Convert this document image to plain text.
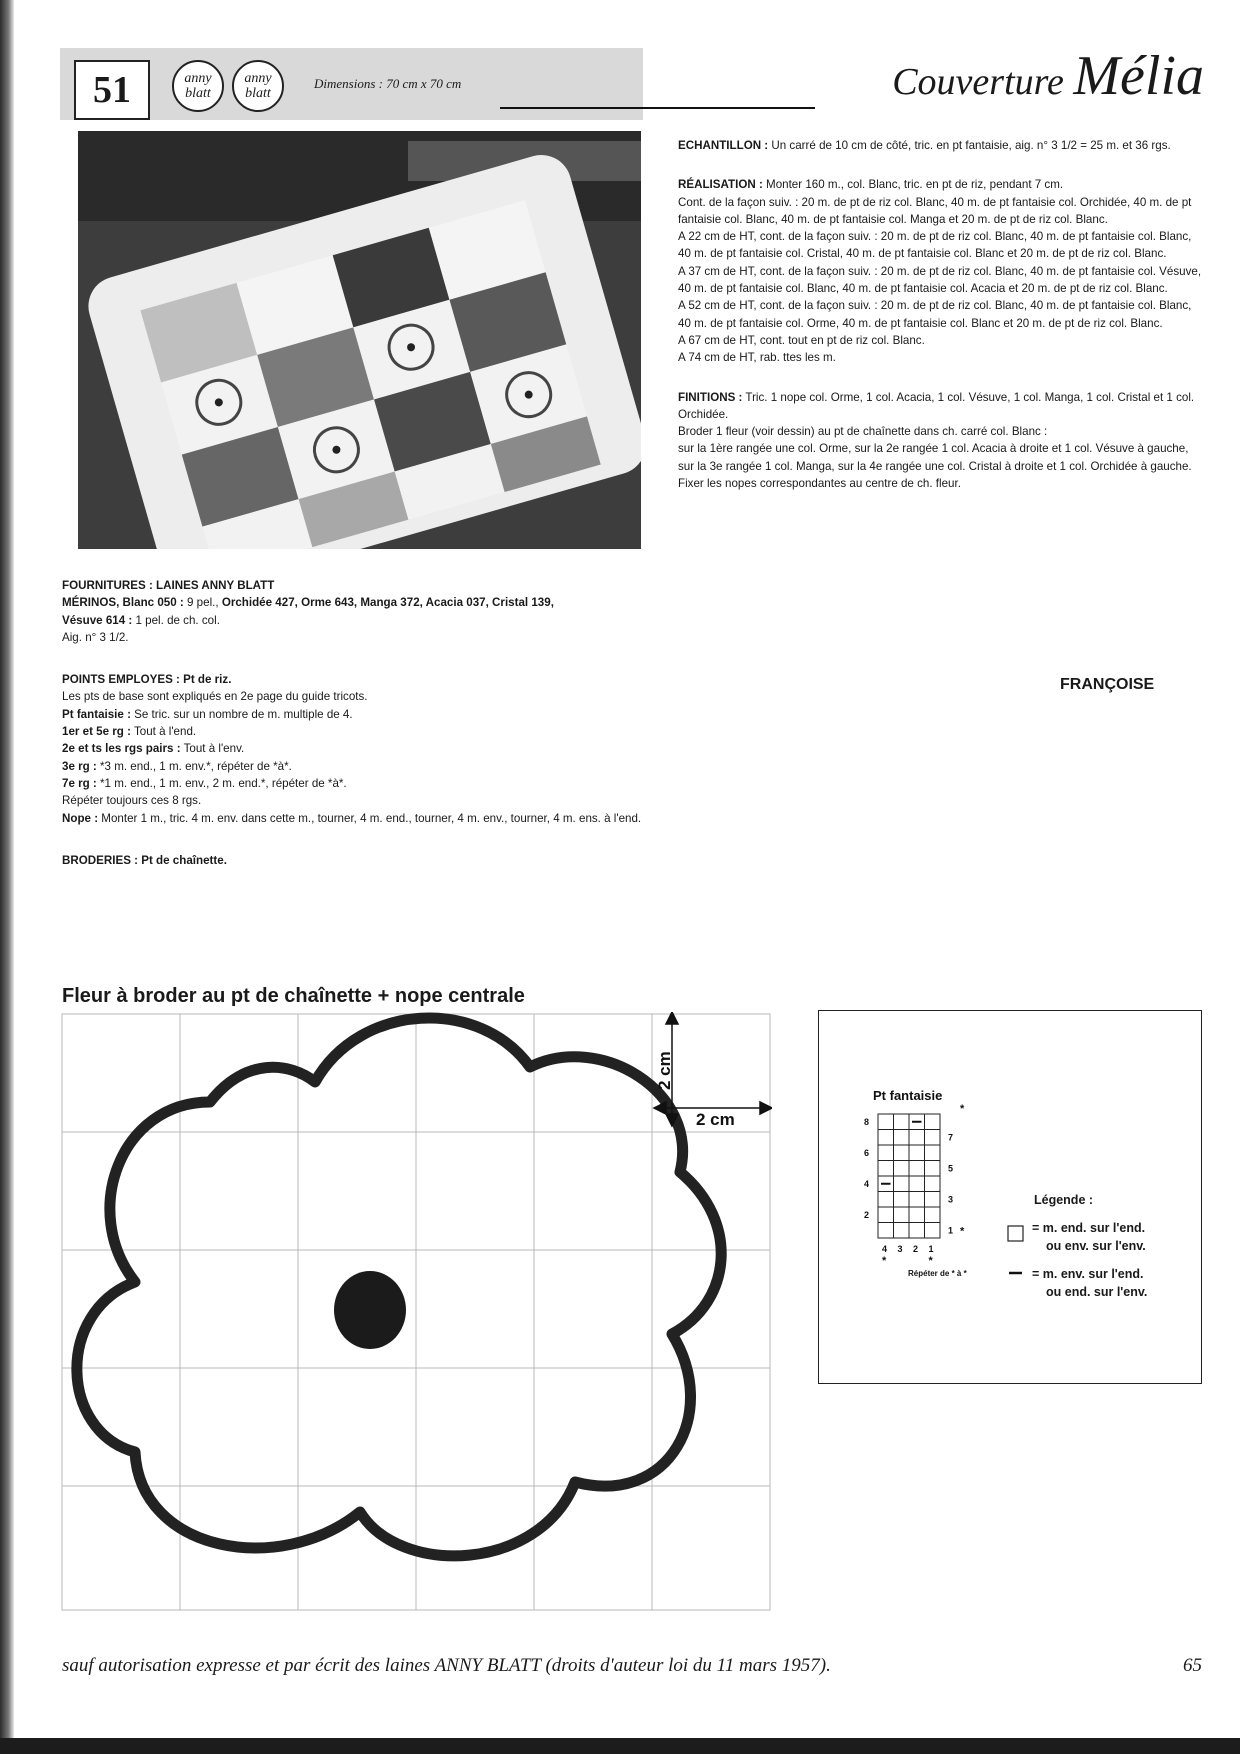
51	anny
blatt
anny
blatt
Dimensions : 70 cm x 70 cm	Couverture Mélia

FOURNITURES : LAINES ANNY BLATT

MÉRINOS, Blanc 050 : 9 pel., Orchidée 427, Orme 643, Manga 372, Acacia 037, Cristal 139,

Vésuve 614 : 1 pel. de ch. col.

Aig. n° 3 1/2.

POINTS EMPLOYES : Pt de riz.

Les pts de base sont expliqués en 2e page du guide tricots.

Pt fantaisie : Se tric. sur un nombre de m. multiple de 4.

1er et 5e rg : Tout à l'end.

2e et ts les rgs pairs : Tout à l'env.

3e rg : *3 m. end., 1 m. env.*, répéter de *à*.

7e rg : *1 m. end., 1 m. env., 2 m. end.*, répéter de *à*.

Répéter toujours ces 8 rgs.

Nope : Monter 1 m., tric. 4 m. env. dans cette m., tourner, 4 m. end., tourner, 4 m. env., tourner, 4 m. ens. à l'end.

BRODERIES : Pt de chaînette.

ECHANTILLON : Un carré de 10 cm de côté, tric. en pt fantaisie, aig. n° 3 1/2 = 25 m. et 36 rgs.

RÉALISATION : Monter 160 m., col. Blanc, tric. en pt de riz, pendant 7 cm.

Cont. de la façon suiv. : 20 m. de pt de riz col. Blanc, 40 m. de pt fantaisie col. Orchidée, 40 m. de pt fantaisie col. Blanc, 40 m. de pt fantaisie col. Manga et 20 m. de pt de riz col. Blanc.

A 22 cm de HT, cont. de la façon suiv. : 20 m. de pt de riz col. Blanc, 40 m. de pt fantaisie col. Blanc, 40 m. de pt fantaisie col. Cristal, 40 m. de pt fantaisie col. Blanc et 20 m. de pt de riz col. Blanc.

A 37 cm de HT, cont. de la façon suiv. : 20 m. de pt de riz col. Blanc, 40 m. de pt fantaisie col. Vésuve, 40 m. de pt fantaisie col. Blanc, 40 m. de pt fantaisie col. Acacia et 20 m. de pt de riz col. Blanc.

A 52 cm de HT, cont. de la façon suiv. : 20 m. de pt de riz col. Blanc, 40 m. de pt fantaisie col. Blanc, 40 m. de pt fantaisie col. Orme, 40 m. de pt fantaisie col. Blanc et 20 m. de pt de riz col. Blanc.

A 67 cm de HT, cont. tout en pt de riz col. Blanc.

A 74 cm de HT, rab. ttes les m.

FINITIONS : Tric. 1 nope col. Orme, 1 col. Acacia, 1 col. Vésuve, 1 col. Manga, 1 col. Cristal et 1 col. Orchidée.

Broder 1 fleur (voir dessin) au pt de chaînette dans ch. carré col. Blanc :

sur la 1ère rangée une col. Orme, sur la 2e rangée 1 col. Acacia à droite et 1 col. Vésuve à gauche, sur la 3e rangée 1 col. Manga, sur la 4e rangée une col. Cristal à droite et 1 col. Orchidée à gauche.

Fixer les nopes correspondantes au centre de ch. fleur.

FRANÇOISE
Fleur à broder au pt de chaînette + nope centrale
2 cm
2 cm
Pt fantaisie
8
6
4
2
7
5
3
1
4 3 2 1
*
*
*	*
Répéter de * à *
Légende :
= m. end. sur l'end.
ou env. sur l'env.
= m. env. sur l'end.
ou end. sur l'env.
sauf autorisation expresse et par écrit des laines ANNY BLATT (droits d'auteur loi du 11 mars 1957).	65
